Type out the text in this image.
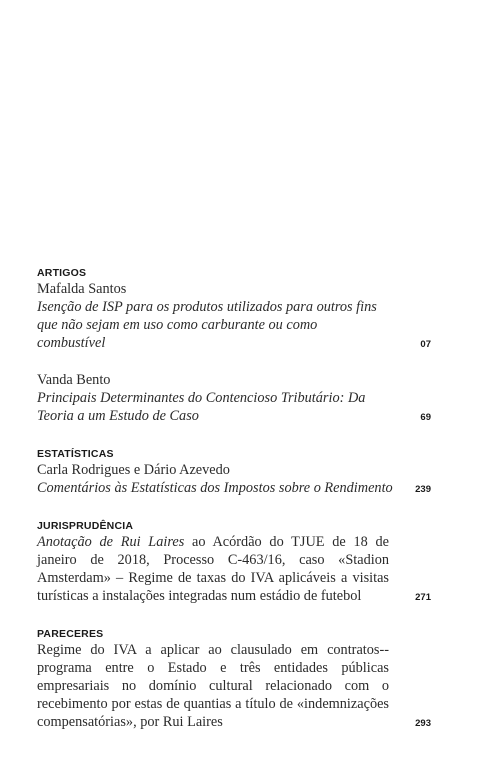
ARTIGOS
Mafalda Santos
Isenção de ISP para os produtos utilizados para outros fins que não sejam em uso como carburante ou como combustível	07
Vanda Bento
Principais Determinantes do Contencioso Tributário: Da Teoria a um Estudo de Caso	69
ESTATÍSTICAS
Carla Rodrigues e Dário Azevedo
Comentários às Estatísticas dos Impostos sobre o Rendimento	239
JURISPRUDÊNCIA
Anotação de Rui Laires ao Acórdão do TJUE de 18 de janeiro de 2018, Processo C-463/16, caso «Stadion Amsterdam» – Regime de taxas do IVA aplicáveis a visitas turísticas a instalações integradas num estádio de futebol	271
PARECERES
Regime do IVA a aplicar ao clausulado em contratos--programa entre o Estado e três entidades públicas empresariais no domínio cultural relacionado com o recebimento por estas de quantias a título de «indemnizações compensatórias», por Rui Laires	293
